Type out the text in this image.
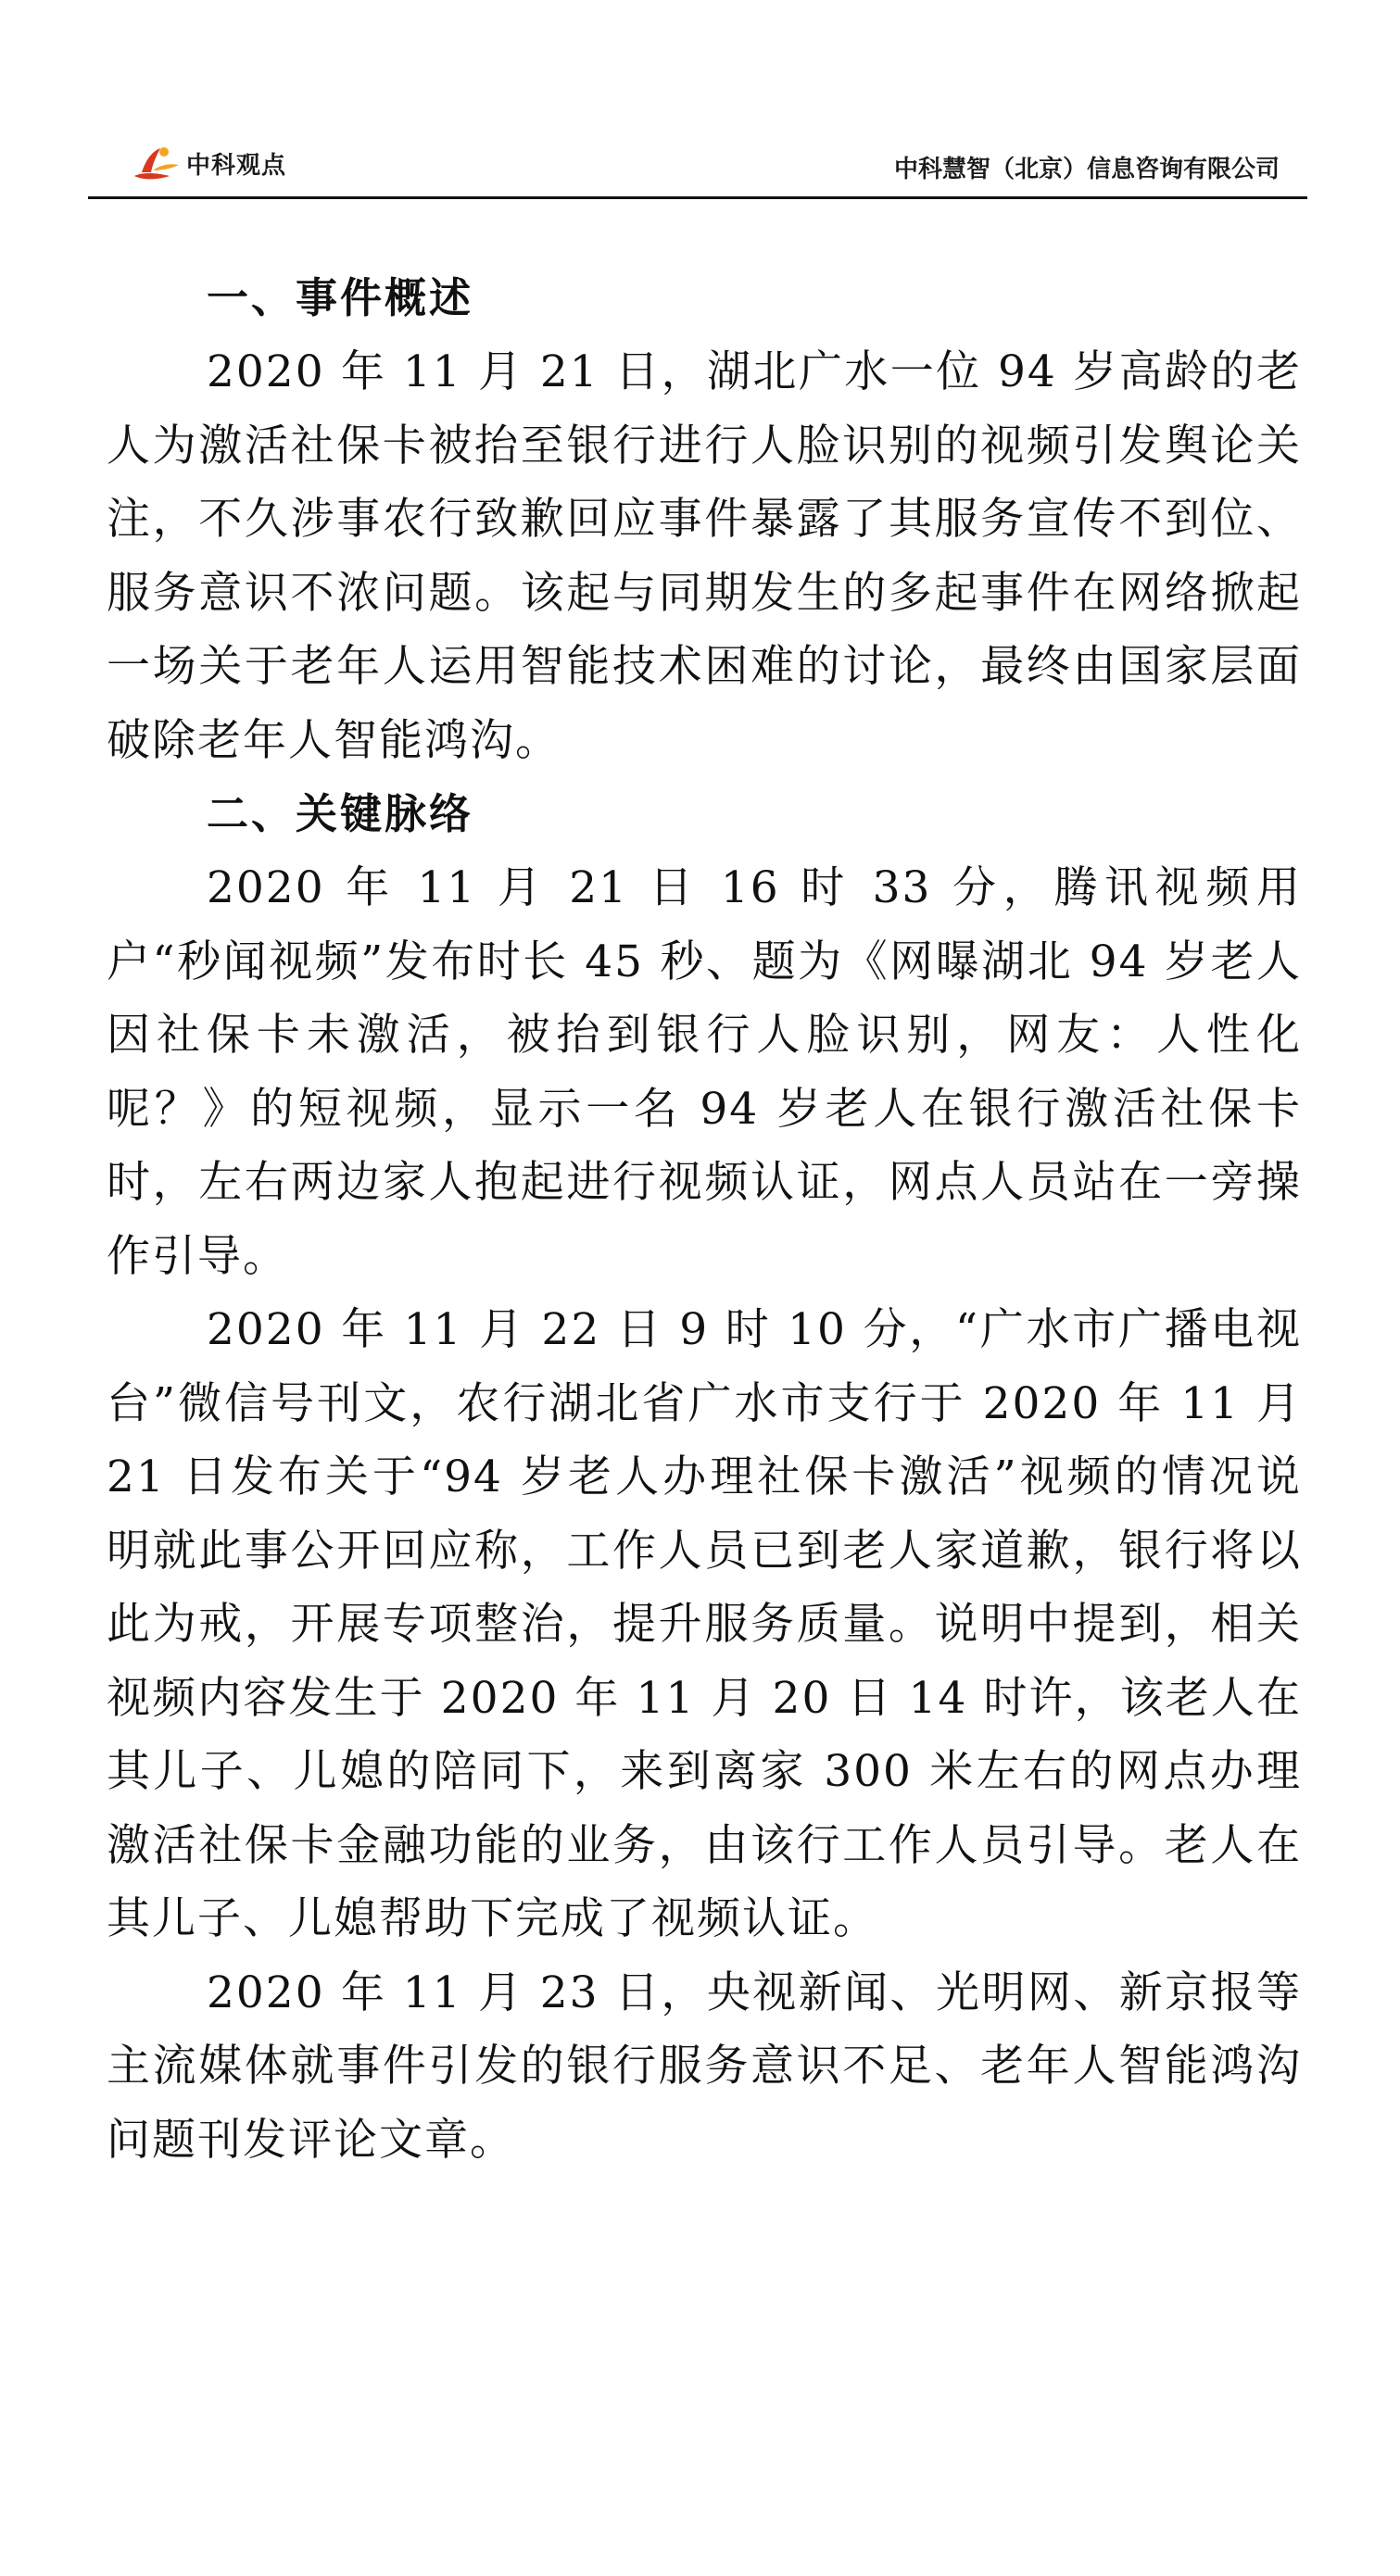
中科观点	中科慧智（北京）信息咨询有限公司
一、事件概述

2020 年 11 月 21 日，湖北广水一位 94 岁高龄的老人为激活社保卡被抬至银行进行人脸识别的视频引发舆论关注，不久涉事农行致歉回应事件暴露了其服务宣传不到位、服务意识不浓问题。该起与同期发生的多起事件在网络掀起一场关于老年人运用智能技术困难的讨论，最终由国家层面破除老年人智能鸿沟。

二、关键脉络

2020 年 11 月 21 日 16 时 33 分，腾讯视频用户“秒闻视频”发布时长 45 秒、题为《网曝湖北 94 岁老人因社保卡未激活，被抬到银行人脸识别，网友：人性化呢？》的短视频，显示一名 94 岁老人在银行激活社保卡时，左右两边家人抱起进行视频认证，网点人员站在一旁操作引导。

2020 年 11 月 22 日 9 时 10 分，“广水市广播电视台”微信号刊文，农行湖北省广水市支行于 2020 年 11 月 21 日发布关于“94 岁老人办理社保卡激活”视频的情况说明就此事公开回应称，工作人员已到老人家道歉，银行将以此为戒，开展专项整治，提升服务质量。说明中提到，相关视频内容发生于 2020 年 11 月 20 日 14 时许，该老人在其儿子、儿媳的陪同下，来到离家 300 米左右的网点办理激活社保卡金融功能的业务，由该行工作人员引导。老人在其儿子、儿媳帮助下完成了视频认证。

2020 年 11 月 23 日，央视新闻、光明网、新京报等主流媒体就事件引发的银行服务意识不足、老年人智能鸿沟问题刊发评论文章。
